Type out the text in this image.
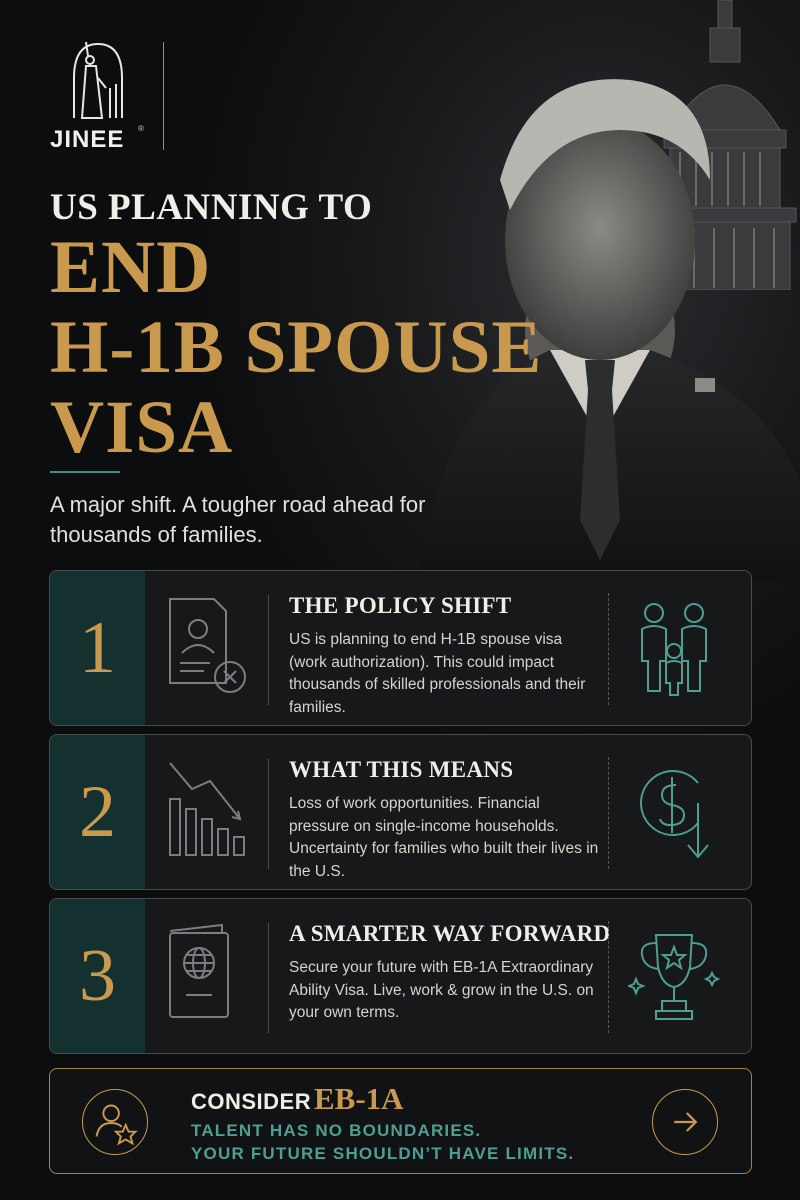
JINEE ®
US PLANNING TO
END
H-1B SPOUSE
VISA
A major shift. A tougher road ahead for thousands of families.
1
THE POLICY SHIFT
US is planning to end H-1B spouse visa (work authorization). This could impact thousands of skilled professionals and their families.
2
WHAT THIS MEANS
Loss of work opportunities. Financial pressure on single-income households. Uncertainty for families who built their lives in the U.S.
3
A SMARTER WAY FORWARD
Secure your future with EB-1A Extraordinary Ability Visa. Live, work & grow in the U.S. on your own terms.
CONSIDER EB-1A
TALENT HAS NO BOUNDARIES.
YOUR FUTURE SHOULDN’T HAVE LIMITS.
